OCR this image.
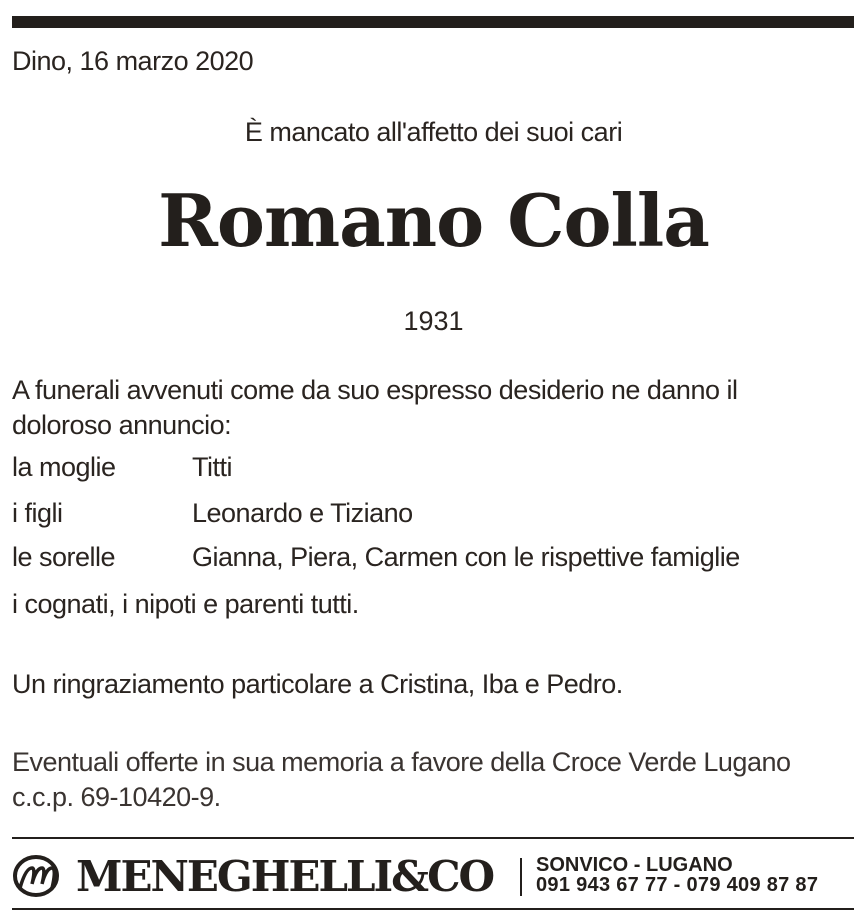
Dino, 16 marzo 2020
È mancato all'affetto dei suoi cari
Romano Colla
1931
A funerali avvenuti come da suo espresso desiderio ne danno il doloroso annuncio:
la moglie	Titti
i figli	Leonardo e Tiziano
le sorelle	Gianna, Piera, Carmen con le rispettive famiglie
i cognati, i nipoti e parenti tutti.
Un ringraziamento particolare a Cristina, Iba e Pedro.
Eventuali offerte in sua memoria a favore della Croce Verde Lugano c.c.p. 69-10420-9.
MENEGHELLI&CO SONVICO - LUGANO
091 943 67 77 - 079 409 87 87
